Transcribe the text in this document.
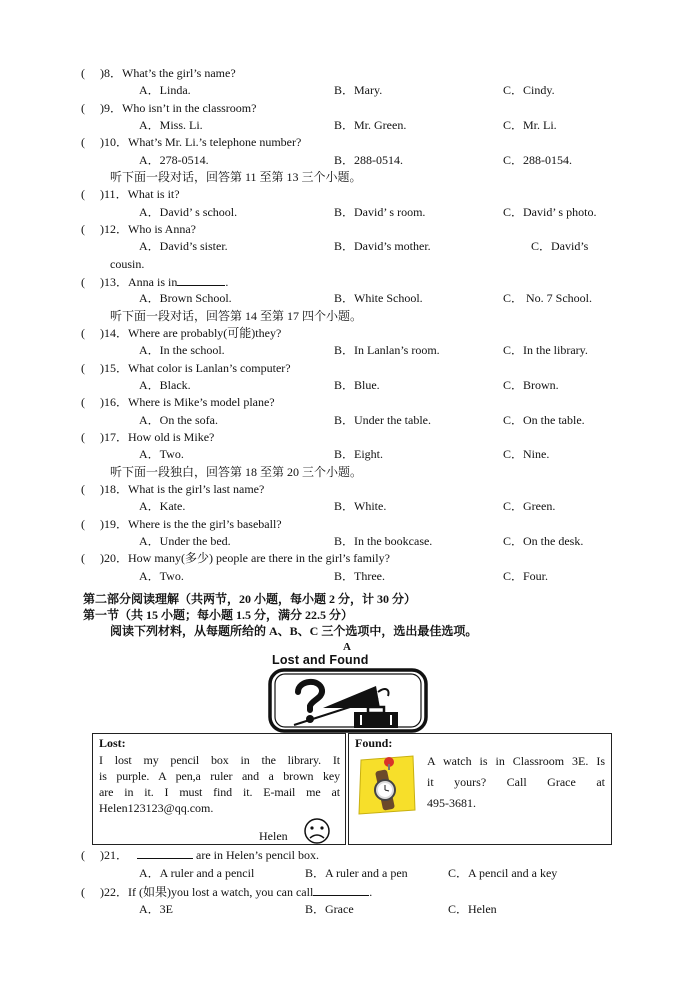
( )8．What’s the girl’s name?
A．Linda.	B．Mary.	C．Cindy.
( )9．Who isn’t in the classroom?
A．Miss. Li.	B．Mr. Green.	C．Mr. Li.
( )10．What’s Mr. Li.’s telephone number?
A．278-0514.	B．288-0514.	C．288-0154.
听下面一段对话，回答第 11 至第 13 三个小题。
( )11．What is it?
A．David’ s school.	B．David’ s room.	C．David’ s photo.
( )12．Who is Anna?
A．David’s sister.	B．David’s mother.	C．David’s
cousin.
( )13．Anna is in	.
A．Brown School.	B．White School.	C． No. 7 School.
听下面一段对话，回答第 14 至第 17 四个小题。
( )14．Where are probably(可能)they?
A．In the school.	B．In Lanlan’s room.	C．In the library.
( )15．What color is Lanlan’s computer?
A．Black.	B．Blue.	C．Brown.
( )16．Where is Mike’s model plane?
A．On the sofa.	B．Under the table.	C．On the table.
( )17．How old is Mike?
A．Two.	B．Eight.	C．Nine.
听下面一段独白，回答第 18 至第 20 三个小题。
( )18．What is the girl’s last name?
A．Kate.	B．White.	C．Green.
( )19．Where is the the girl’s baseball?
A．Under the bed.	B．In the bookcase.	C．On the desk.
( )20．How many(多少) people are there in the girl’s family?
A．Two.	B．Three.	C．Four.
第二部分阅读理解（共两节，20 小题，每小题 2 分，计 30 分）
第一节（共 15 小题；每小题 1.5 分，满分 22.5 分）
阅读下列材料，从每题所给的 A、B、C 三个选项中，选出最佳选项。
A
Lost and Found
Lost:
I lost my pencil box in the library. It
is purple. A pen,a ruler and a brown key
are in it. I must find it. E-mail me at
Helen123123@qq.com.
Helen
Found:
A watch is in Classroom 3E. Is
it yours? Call Grace at
495-3681.
( )21．	are in Helen’s pencil box.
A．A ruler and a pencil	B．A ruler and a pen	C．A pencil and a key
( )22．If (如果)you lost a watch, you can call	.
A．3E	B．Grace	C．Helen
